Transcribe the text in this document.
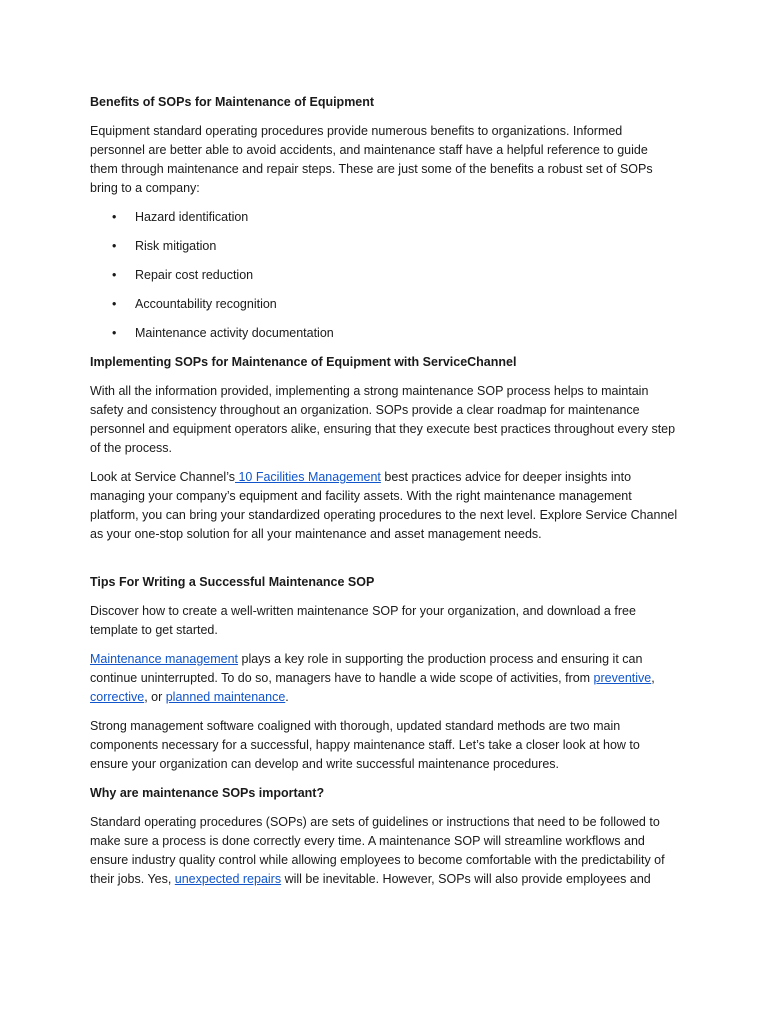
Benefits of SOPs for Maintenance of Equipment

Equipment standard operating procedures provide numerous benefits to organizations. Informed personnel are better able to avoid accidents, and maintenance staff have a helpful reference to guide them through maintenance and repair steps. These are just some of the benefits a robust set of SOPs bring to a company:

• Hazard identification
• Risk mitigation
• Repair cost reduction
• Accountability recognition
• Maintenance activity documentation
Implementing SOPs for Maintenance of Equipment with ServiceChannel

With all the information provided, implementing a strong maintenance SOP process helps to maintain safety and consistency throughout an organization. SOPs provide a clear roadmap for maintenance personnel and equipment operators alike, ensuring that they execute best practices throughout every step of the process.

Look at Service Channel’s 10 Facilities Management best practices advice for deeper insights into managing your company’s equipment and facility assets. With the right maintenance management platform, you can bring your standardized operating procedures to the next level. Explore Service Channel as your one-stop solution for all your maintenance and asset management needs.

Tips For Writing a Successful Maintenance SOP

Discover how to create a well-written maintenance SOP for your organization, and download a free template to get started.

Maintenance management plays a key role in supporting the production process and ensuring it can continue uninterrupted. To do so, managers have to handle a wide scope of activities, from preventive, corrective, or planned maintenance.

Strong management software coaligned with thorough, updated standard methods are two main components necessary for a successful, happy maintenance staff. Let’s take a closer look at how to ensure your organization can develop and write successful maintenance procedures.

Why are maintenance SOPs important?

Standard operating procedures (SOPs) are sets of guidelines or instructions that need to be followed to make sure a process is done correctly every time. A maintenance SOP will streamline workflows and ensure industry quality control while allowing employees to become comfortable with the predictability of their jobs. Yes, unexpected repairs will be inevitable. However, SOPs will also provide employees and
